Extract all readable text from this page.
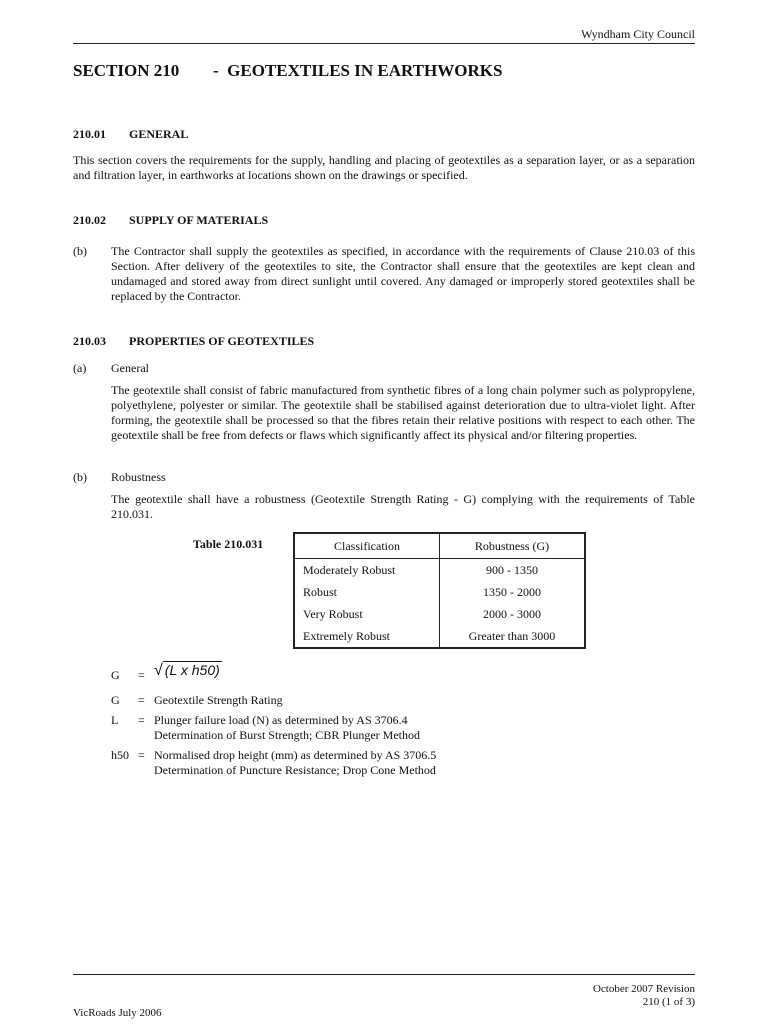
Wyndham City Council
SECTION 210 -  GEOTEXTILES IN EARTHWORKS
210.01 GENERAL
This section covers the requirements for the supply, handling and placing of geotextiles as a separation layer, or as a separation and filtration layer, in earthworks at locations shown on the drawings or specified.
210.02 SUPPLY OF MATERIALS
(b) The Contractor shall supply the geotextiles as specified, in accordance with the requirements of Clause 210.03 of this Section. After delivery of the geotextiles to site, the Contractor shall ensure that the geotextiles are kept clean and undamaged and stored away from direct sunlight until covered. Any damaged or improperly stored geotextiles shall be replaced by the Contractor.
210.03 PROPERTIES OF GEOTEXTILES
(a) General
The geotextile shall consist of fabric manufactured from synthetic fibres of a long chain polymer such as polypropylene, polyethylene, polyester or similar. The geotextile shall be stabilised against deterioration due to ultra-violet light. After forming, the geotextile shall be processed so that the fibres retain their relative positions with respect to each other. The geotextile shall be free from defects or flaws which significantly affect its physical and/or filtering properties.
(b) Robustness
The geotextile shall have a robustness (Geotextile Strength Rating - G) complying with the requirements of Table 210.031.
Table 210.031	Classification	Robustness (G)
Moderately Robust	900 - 1350
Robust	1350 - 2000
Very Robust	2000 - 3000
Extremely Robust	Greater than 3000
G = √ (L x h50)
G = Geotextile Strength Rating
L = Plunger failure load (N) as determined by AS 3706.4
Determination of Burst Strength; CBR Plunger Method
h50 = Normalised drop height (mm) as determined by AS 3706.5
Determination of Puncture Resistance; Drop Cone Method
October 2007 Revision
210 (1 of 3)
VicRoads July 2006
